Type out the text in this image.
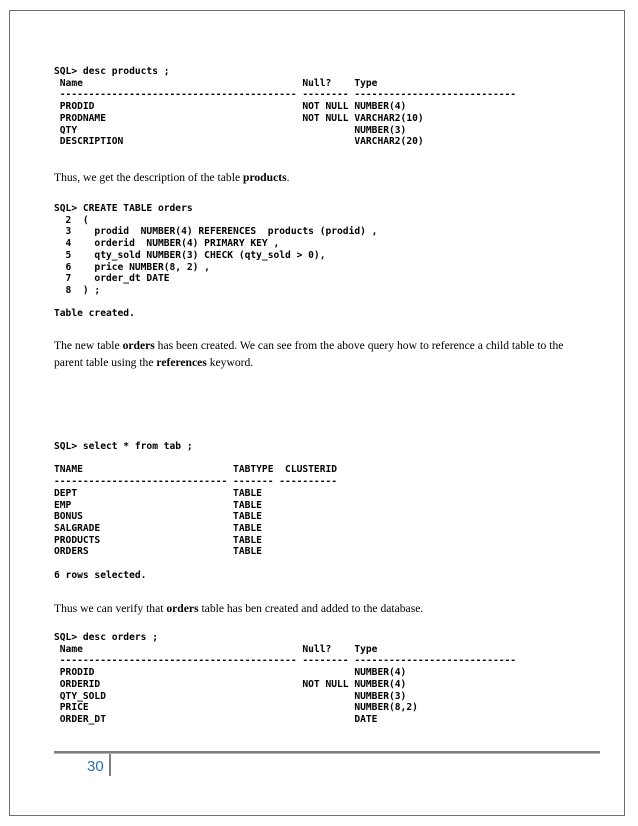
SQL> desc products ;
Name                                      Null?    Type
----------------------------------------- -------- ----------------------------
PRODID                                    NOT NULL NUMBER(4)
PRODNAME                                  NOT NULL VARCHAR2(10)
QTY                                                NUMBER(3)
DESCRIPTION                                        VARCHAR2(20)

Thus, we get the description of the table products.

SQL> CREATE TABLE orders
2  (
3    prodid  NUMBER(4) REFERENCES  products (prodid) ,
4    orderid  NUMBER(4) PRIMARY KEY ,
5    qty_sold NUMBER(3) CHECK (qty_sold > 0),
6    price NUMBER(8, 2) ,
7    order_dt DATE
8  ) ;

Table created.

The new table orders has been created. We can see from the above query how to reference a child table to the parent table using the references keyword.

SQL> select * from tab ;

TNAME                          TABTYPE  CLUSTERID
------------------------------ ------- ----------
DEPT                           TABLE
EMP                            TABLE
BONUS                          TABLE
SALGRADE                       TABLE
PRODUCTS                       TABLE
ORDERS                         TABLE

6 rows selected.

Thus we can verify that orders table has ben created and added to the database.

SQL> desc orders ;
Name                                      Null?    Type
----------------------------------------- -------- ----------------------------
PRODID                                             NUMBER(4)
ORDERID                                   NOT NULL NUMBER(4)
QTY_SOLD                                           NUMBER(3)
PRICE                                              NUMBER(8,2)
ORDER_DT                                           DATE
30
